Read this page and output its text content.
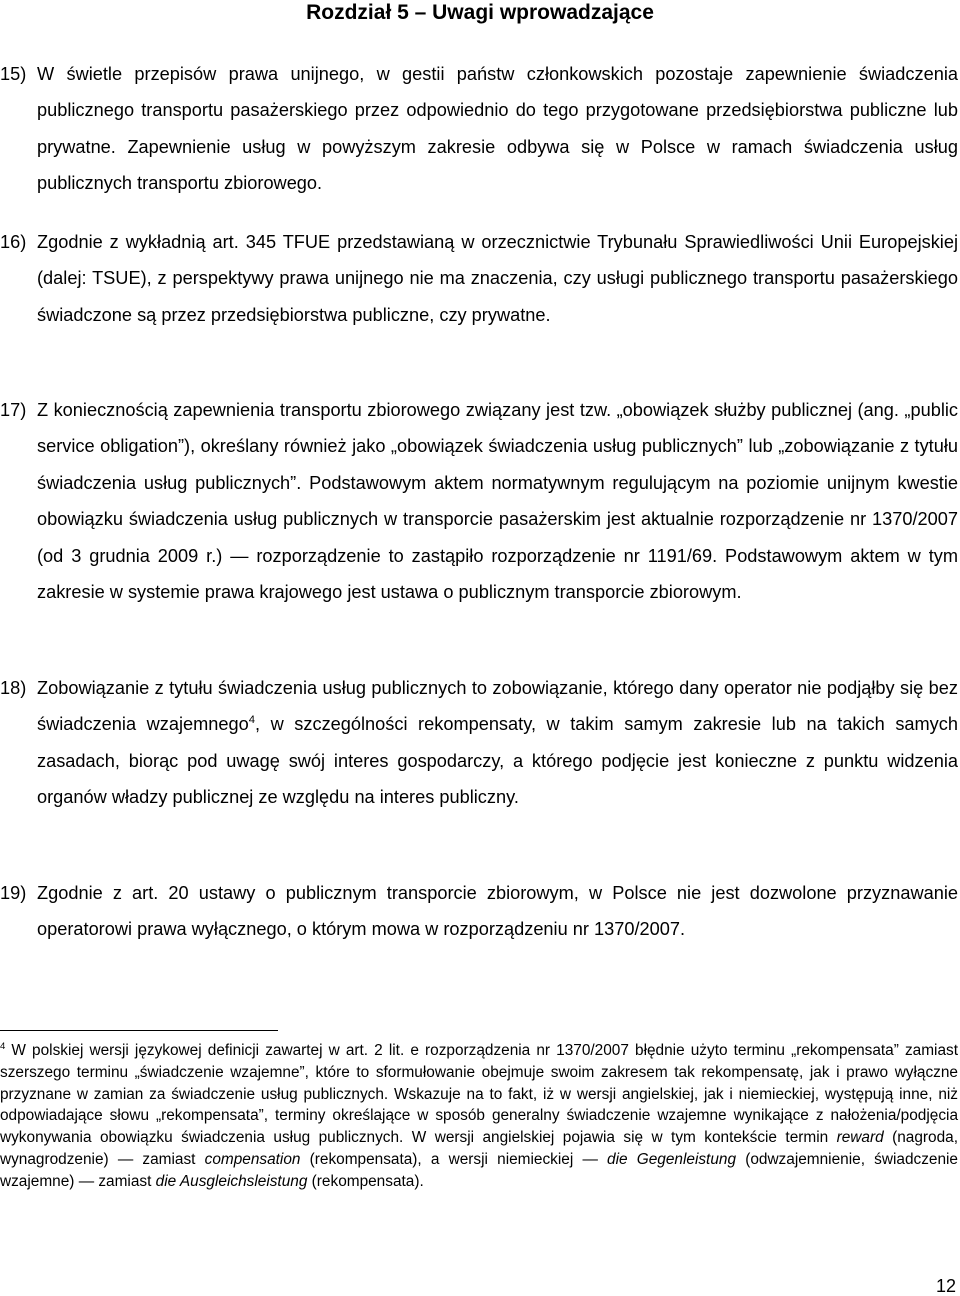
Rozdział 5 – Uwagi wprowadzające
15) W świetle przepisów prawa unijnego, w gestii państw członkowskich pozostaje zapewnienie świadczenia publicznego transportu pasażerskiego przez odpowiednio do tego przygotowane przedsiębiorstwa publiczne lub prywatne. Zapewnienie usług w powyższym zakresie odbywa się w Polsce w ramach świadczenia usług publicznych transportu zbiorowego.
16) Zgodnie z wykładnią art. 345 TFUE przedstawianą w orzecznictwie Trybunału Sprawiedliwości Unii Europejskiej (dalej: TSUE), z perspektywy prawa unijnego nie ma znaczenia, czy usługi publicznego transportu pasażerskiego świadczone są przez przedsiębiorstwa publiczne, czy prywatne.
17) Z koniecznością zapewnienia transportu zbiorowego związany jest tzw. „obowiązek służby publicznej (ang. „public service obligation”), określany również jako „obowiązek świadczenia usług publicznych” lub „zobowiązanie z tytułu świadczenia usług publicznych”. Podstawowym aktem normatywnym regulującym na poziomie unijnym kwestie obowiązku świadczenia usług publicznych w transporcie pasażerskim jest aktualnie rozporządzenie nr 1370/2007 (od 3 grudnia 2009 r.) — rozporządzenie to zastąpiło rozporządzenie nr 1191/69. Podstawowym aktem w tym zakresie w systemie prawa krajowego jest ustawa o publicznym transporcie zbiorowym.
18) Zobowiązanie z tytułu świadczenia usług publicznych to zobowiązanie, którego dany operator nie podjąłby się bez świadczenia wzajemnego$^4$, w szczególności rekompensaty, w takim samym zakresie lub na takich samych zasadach, biorąc pod uwagę swój interes gospodarczy, a którego podjęcie jest konieczne z punktu widzenia organów władzy publicznej ze względu na interes publiczny.
19) Zgodnie z art. 20 ustawy o publicznym transporcie zbiorowym, w Polsce nie jest dozwolone przyznawanie operatorowi prawa wyłącznego, o którym mowa w rozporządzeniu nr 1370/2007.
$^4$ W polskiej wersji językowej definicji zawartej w art. 2 lit. e rozporządzenia nr 1370/2007 błędnie użyto terminu „rekompensata” zamiast szerszego terminu „świadczenie wzajemne”, które to sformułowanie obejmuje swoim zakresem tak rekompensatę, jak i prawo wyłączne przyznane w zamian za świadczenie usług publicznych. Wskazuje na to fakt, iż w wersji angielskiej, jak i niemieckiej, występują inne, niż odpowiadające słowu „rekompensata”, terminy określające w sposób generalny świadczenie wzajemne wynikające z nałożenia/podjęcia wykonywania obowiązku świadczenia usług publicznych. W wersji angielskiej pojawia się w tym kontekście termin reward (nagroda, wynagrodzenie) — zamiast compensation (rekompensata), a wersji niemieckiej — die Gegenleistung (odwzajemnienie, świadczenie wzajemne) — zamiast die Ausgleichsleistung (rekompensata).
12
